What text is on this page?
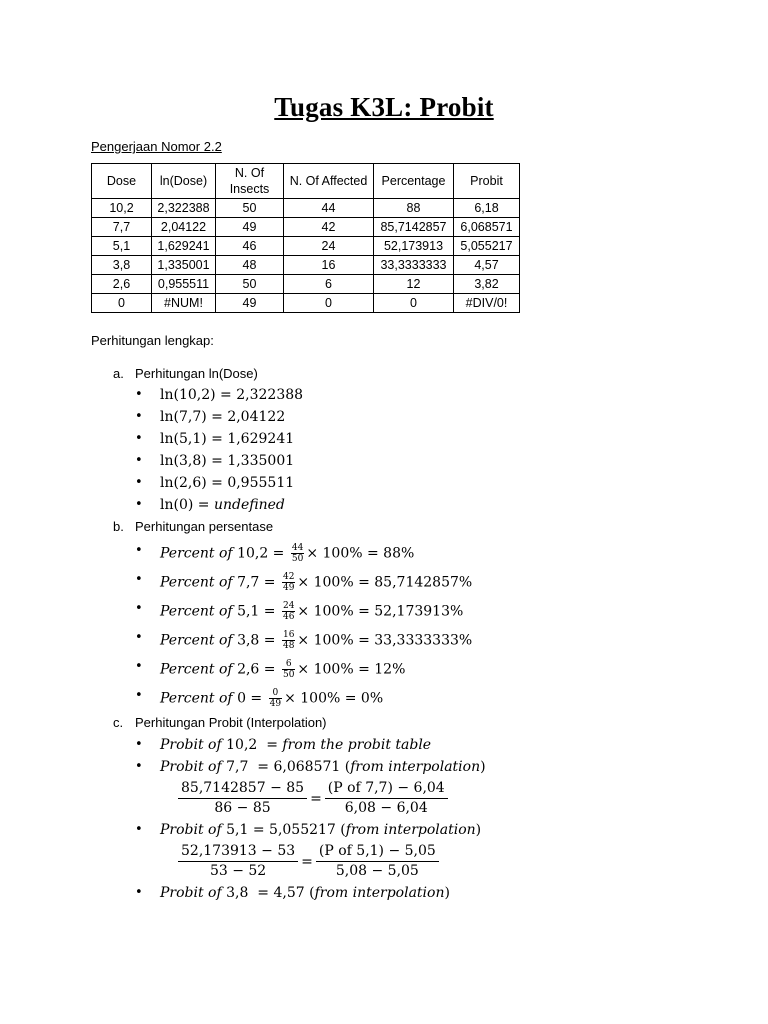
Tugas K3L: Probit
Pengerjaan Nomor 2.2
Dose	ln(Dose)	N. Of Insects	N. Of Affected	Percentage	Probit
10,2	2,322388	50	44	88	6,18
7,7	2,04122	49	42	85,7142857	6,068571
5,1	1,629241	46	24	52,173913	5,055217
3,8	1,335001	48	16	33,3333333	4,57
2,6	0,955511	50	6	12	3,82
0	#NUM!	49	0	0	#DIV/0!
Perhitungan lengkap:
a. Perhitungan ln(Dose)
• ln(10,2) = 2,322388
• ln(7,7) = 2,04122
• ln(5,1) = 1,629241
• ln(3,8) = 1,335001
• ln(2,6) = 0,955511
• ln(0) = undefined
b. Perhitungan persentase
• Percent of $10,2 = \frac{44}{50} \times 100\% = 88\%$
• Percent of $7,7 = \frac{42}{49} \times 100\% = 85,7142857\%$
• Percent of $5,1 = \frac{24}{46} \times 100\% = 52,173913\%$
• Percent of $3,8 = \frac{16}{48} \times 100\% = 33,3333333\%$
• Percent of $2,6 = \frac{6}{50} \times 100\% = 12\%$
• Percent of $0 = \frac{0}{49} \times 100\% = 0\%$
c. Perhitungan Probit (Interpolation)
• Probit of 10,2  = from the probit table
• Probit of 7,7  = 6,068571 (from interpolation)
$\frac{85,7142857 - 85}{86 - 85} = \frac{\text{(P of 7,7) − 6,04}}{6,08 - 6,04}$
• Probit of 5,1 = 5,055217 (from interpolation)
$\frac{52,173913 - 53}{53 - 52} = \frac{\text{(P of 5,1) − 5,05}}{5,08 - 5,05}$
• Probit of 3,8  = 4,57 (from interpolation)
